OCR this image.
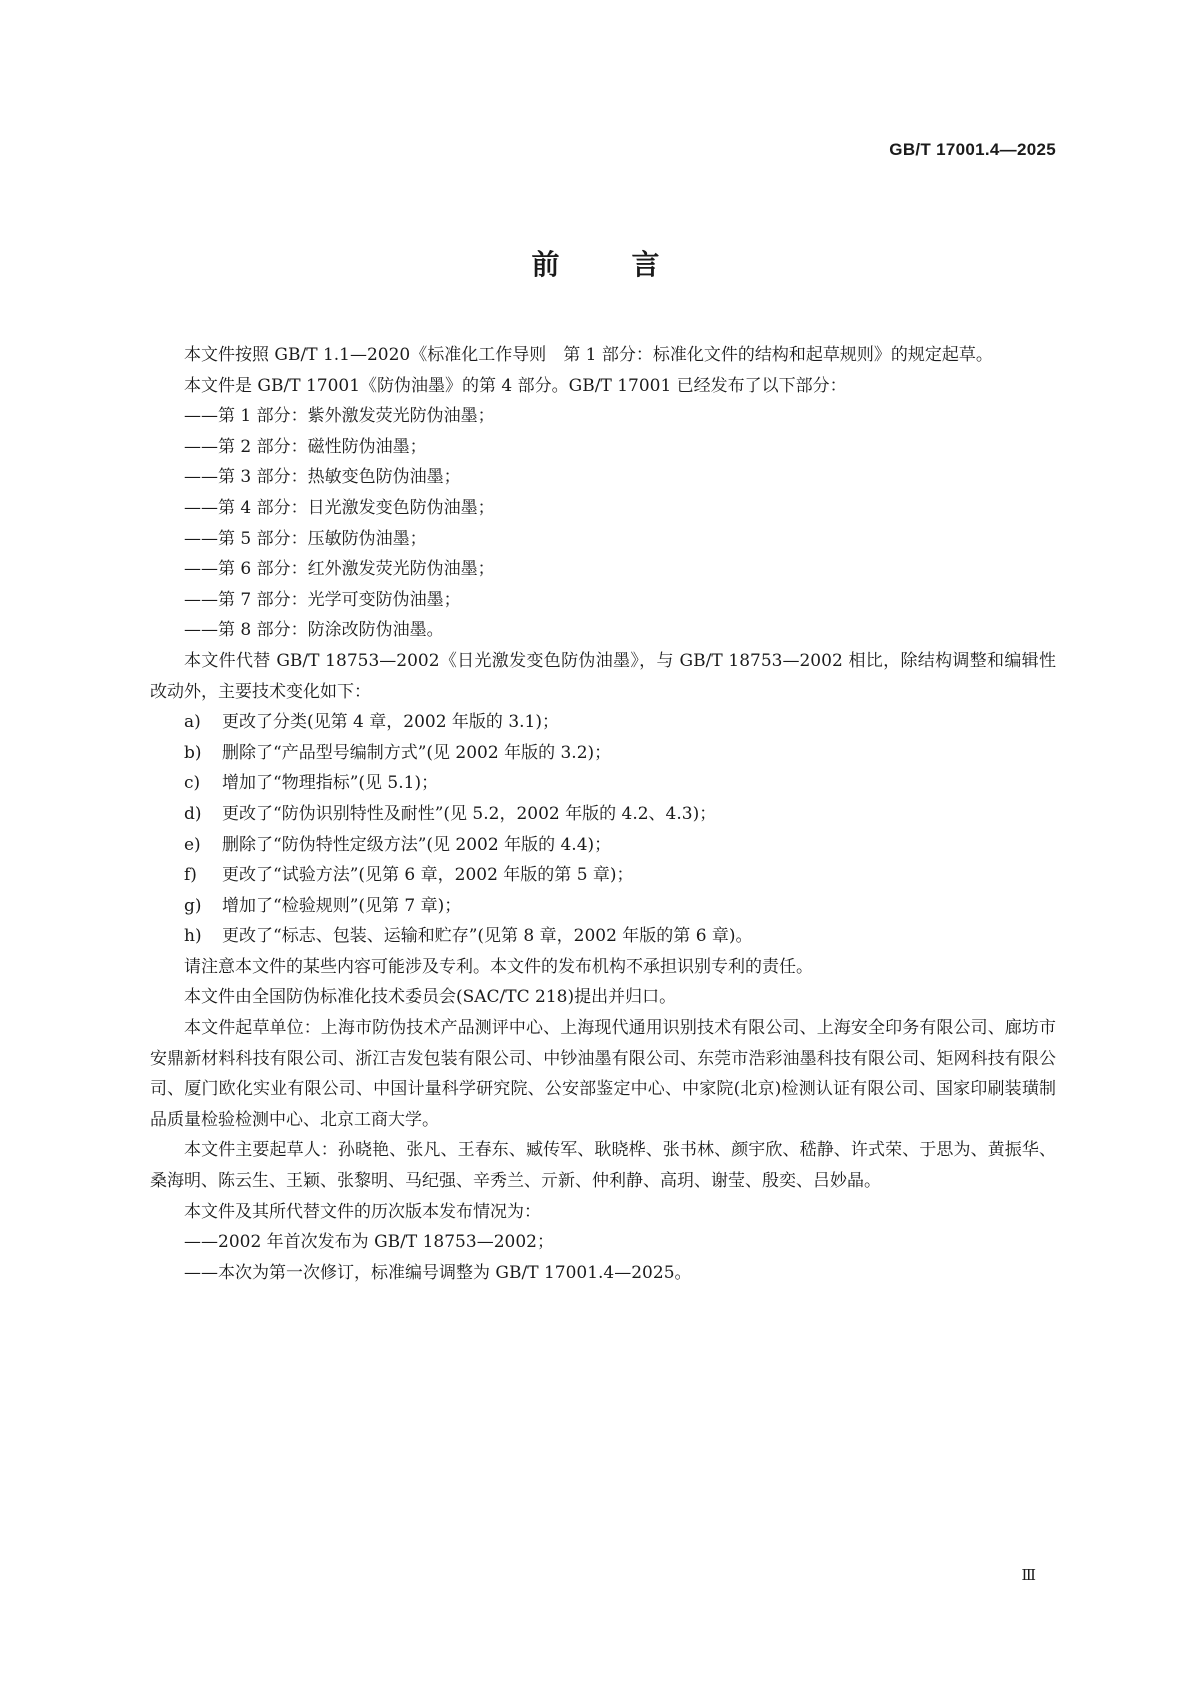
GB/T 17001.4—2025
前	言

本文件按照 GB/T 1.1—2020《标准化工作导则　第 1 部分：标准化文件的结构和起草规则》的规定起草。

本文件是 GB/T 17001《防伪油墨》的第 4 部分。GB/T 17001 已经发布了以下部分：

——第 1 部分：紫外激发荧光防伪油墨；

——第 2 部分：磁性防伪油墨；

——第 3 部分：热敏变色防伪油墨；

——第 4 部分：日光激发变色防伪油墨；

——第 5 部分：压敏防伪油墨；

——第 6 部分：红外激发荧光防伪油墨；

——第 7 部分：光学可变防伪油墨；

——第 8 部分：防涂改防伪油墨。

本文件代替 GB/T 18753—2002《日光激发变色防伪油墨》，与 GB/T 18753—2002 相比，除结构调整和编辑性改动外，主要技术变化如下：

a) 更改了分类(见第 4 章，2002 年版的 3.1)；

b) 删除了“产品型号编制方式”(见 2002 年版的 3.2)；

c) 增加了“物理指标”(见 5.1)；

d) 更改了“防伪识别特性及耐性”(见 5.2，2002 年版的 4.2、4.3)；

e) 删除了“防伪特性定级方法”(见 2002 年版的 4.4)；

f) 更改了“试验方法”(见第 6 章，2002 年版的第 5 章)；

g) 增加了“检验规则”(见第 7 章)；

h) 更改了“标志、包装、运输和贮存”(见第 8 章，2002 年版的第 6 章)。

请注意本文件的某些内容可能涉及专利。本文件的发布机构不承担识别专利的责任。

本文件由全国防伪标准化技术委员会(SAC/TC 218)提出并归口。

本文件起草单位：上海市防伪技术产品测评中心、上海现代通用识别技术有限公司、上海安全印务有限公司、廊坊市安鼎新材料科技有限公司、浙江吉发包装有限公司、中钞油墨有限公司、东莞市浩彩油墨科技有限公司、矩网科技有限公司、厦门欧化实业有限公司、中国计量科学研究院、公安部鉴定中心、中家院(北京)检测认证有限公司、国家印刷装璜制品质量检验检测中心、北京工商大学。

本文件主要起草人：孙晓艳、张凡、王春东、臧传军、耿晓桦、张书林、颜宇欣、嵇静、许式荣、于思为、黄振华、桑海明、陈云生、王颖、张黎明、马纪强、辛秀兰、亓新、仲利静、高玥、谢莹、殷奕、吕妙晶。

本文件及其所代替文件的历次版本发布情况为：

——2002 年首次发布为 GB/T 18753—2002；

——本次为第一次修订，标准编号调整为 GB/T 17001.4—2025。

Ⅲ
